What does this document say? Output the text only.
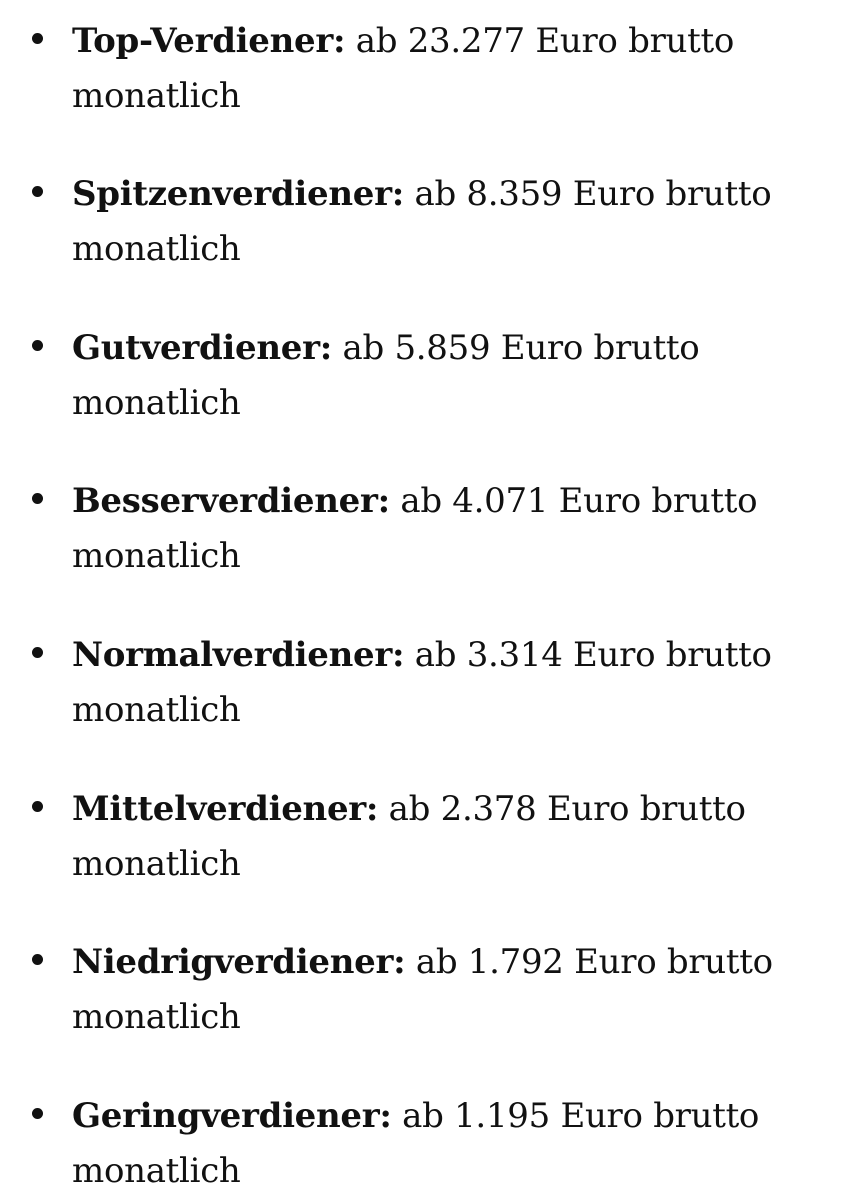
Top-Verdiener: ab 23.277 Euro brutto monatlich
Spitzenverdiener: ab 8.359 Euro brutto monatlich
Gutverdiener: ab 5.859 Euro brutto monatlich
Besserverdiener: ab 4.071 Euro brutto monatlich
Normalverdiener: ab 3.314 Euro brutto monatlich
Mittelverdiener: ab 2.378 Euro brutto monatlich
Niedrigverdiener: ab 1.792 Euro brutto monatlich
Geringverdiener: ab 1.195 Euro brutto monatlich
